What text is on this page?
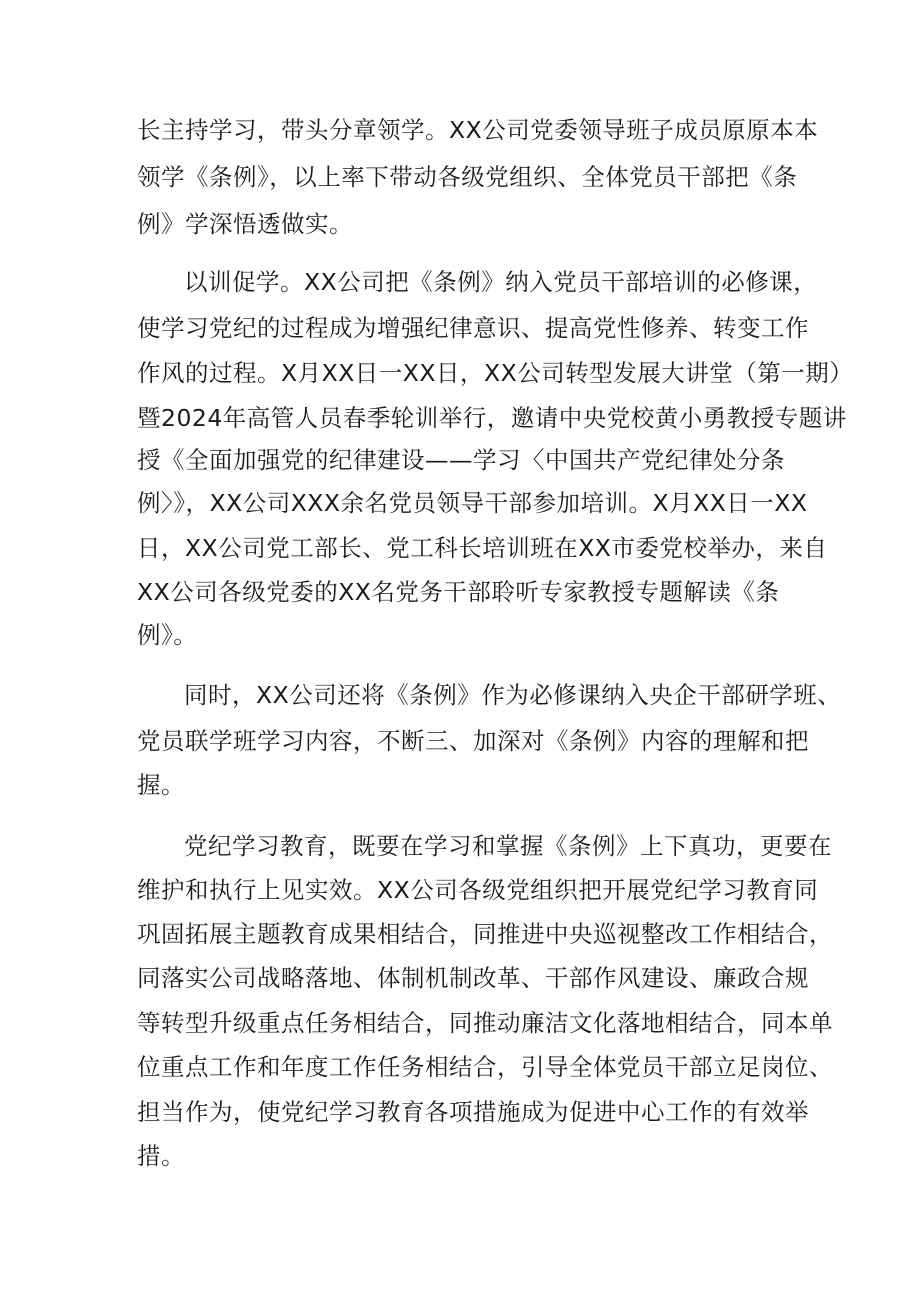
长主持学习，带头分章领学。XX公司党委领导班子成员原原本本
领学《条例》，以上率下带动各级党组织、全体党员干部把《条
例》学深悟透做实。
以训促学。XX公司把《条例》纳入党员干部培训的必修课，
使学习党纪的过程成为增强纪律意识、提高党性修养、转变工作
作风的过程。X月XX日一XX日，XX公司转型发展大讲堂（第一期）
暨2024年高管人员春季轮训举行，邀请中央党校黄小勇教授专题讲
授《全面加强党的纪律建设——学习〈中国共产党纪律处分条
例〉》，XX公司XXX余名党员领导干部参加培训。X月XX日一XX
日，XX公司党工部长、党工科长培训班在XX市委党校举办，来自
XX公司各级党委的XX名党务干部聆听专家教授专题解读《条
例》。
同时，XX公司还将《条例》作为必修课纳入央企干部研学班、
党员联学班学习内容，不断三、加深对《条例》内容的理解和把
握。
党纪学习教育，既要在学习和掌握《条例》上下真功，更要在
维护和执行上见实效。XX公司各级党组织把开展党纪学习教育同
巩固拓展主题教育成果相结合，同推进中央巡视整改工作相结合，
同落实公司战略落地、体制机制改革、干部作风建设、廉政合规
等转型升级重点任务相结合，同推动廉洁文化落地相结合，同本单
位重点工作和年度工作任务相结合，引导全体党员干部立足岗位、
担当作为，使党纪学习教育各项措施成为促进中心工作的有效举
措。
